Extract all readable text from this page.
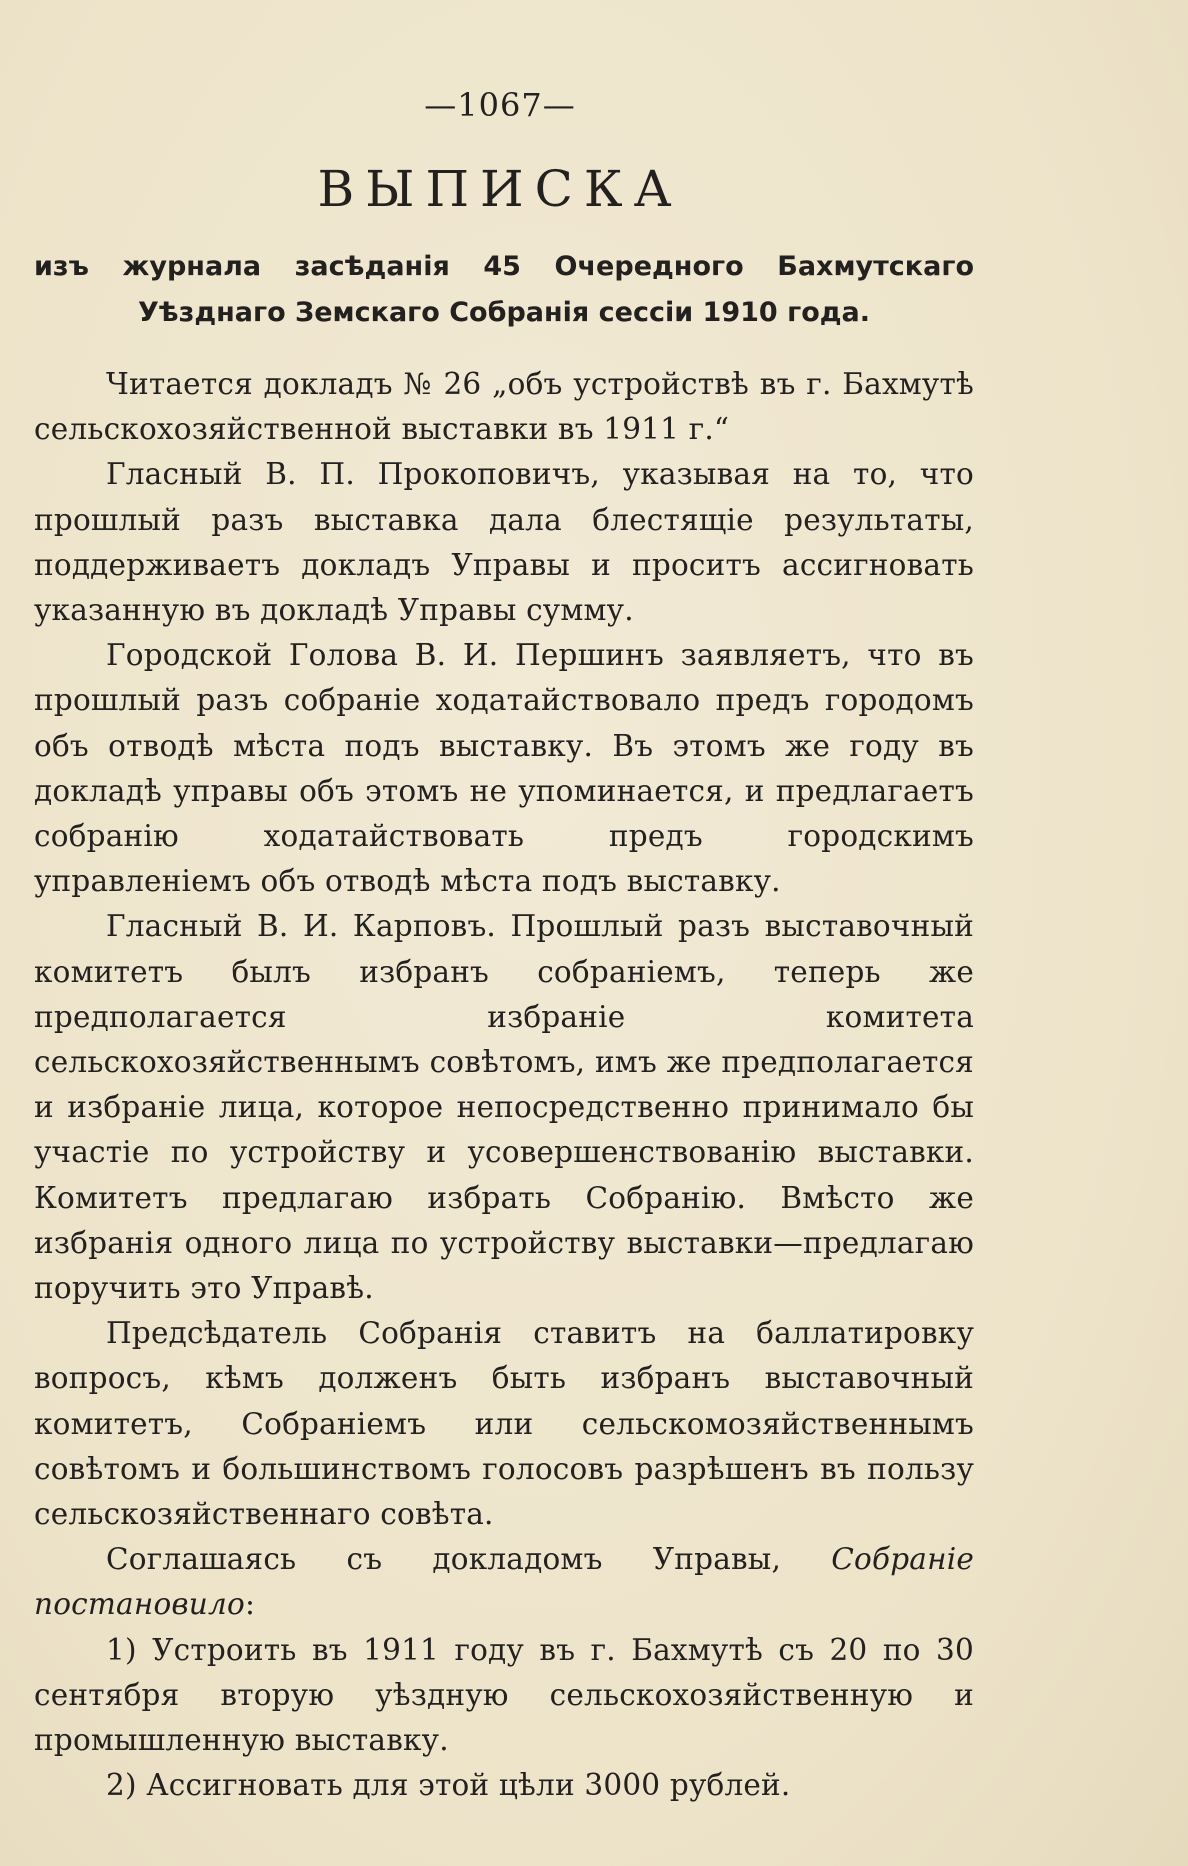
—1067—
ВЫПИСКА
изъ журнала засѣданія 45 Очередного Бахмутскаго Уѣзднаго Земскаго Собранія сессіи 1910 года.

Читается докладъ № 26 „объ устройствѣ въ г. Бахмутѣ сельскохозяйственной выставки въ 1911 г.“

Гласный В. П. Прокоповичъ, указывая на то, что прошлый разъ выставка дала блестящіе результаты, поддерживаетъ докладъ Управы и проситъ ассигновать указанную въ докладѣ Управы сумму.

Городской Голова В. И. Першинъ заявляетъ, что въ прошлый разъ собраніе ходатайствовало предъ городомъ объ отводѣ мѣста подъ выставку. Въ этомъ же году въ докладѣ управы объ этомъ не упоминается, и предлагаетъ собранію ходатайствовать предъ городскимъ управленіемъ объ отводѣ мѣста подъ выставку.

Гласный В. И. Карповъ. Прошлый разъ выставочный комитетъ былъ избранъ собраніемъ, теперь же предполагается избраніе комитета сельскохозяйственнымъ совѣтомъ, имъ же предполагается и избраніе лица, которое непосредственно принимало бы участіе по устройству и усовершенствованію выставки. Комитетъ предлагаю избрать Собранію. Вмѣсто же избранія одного лица по устройству выставки—предлагаю поручить это Управѣ.

Предсѣдатель Собранія ставитъ на баллатировку вопросъ, кѣмъ долженъ быть избранъ выставочный комитетъ, Собраніемъ или сельскомозяйственнымъ совѣтомъ и большинствомъ голосовъ разрѣшенъ въ пользу сельскозяйственнаго совѣта.

Соглашаясь съ докладомъ Управы, Собраніе постановило:

1) Устроить въ 1911 году въ г. Бахмутѣ съ 20 по 30 сентября вторую уѣздную сельскохозяйственную и промышленную выставку.

2) Ассигновать для этой цѣли 3000 рублей.
